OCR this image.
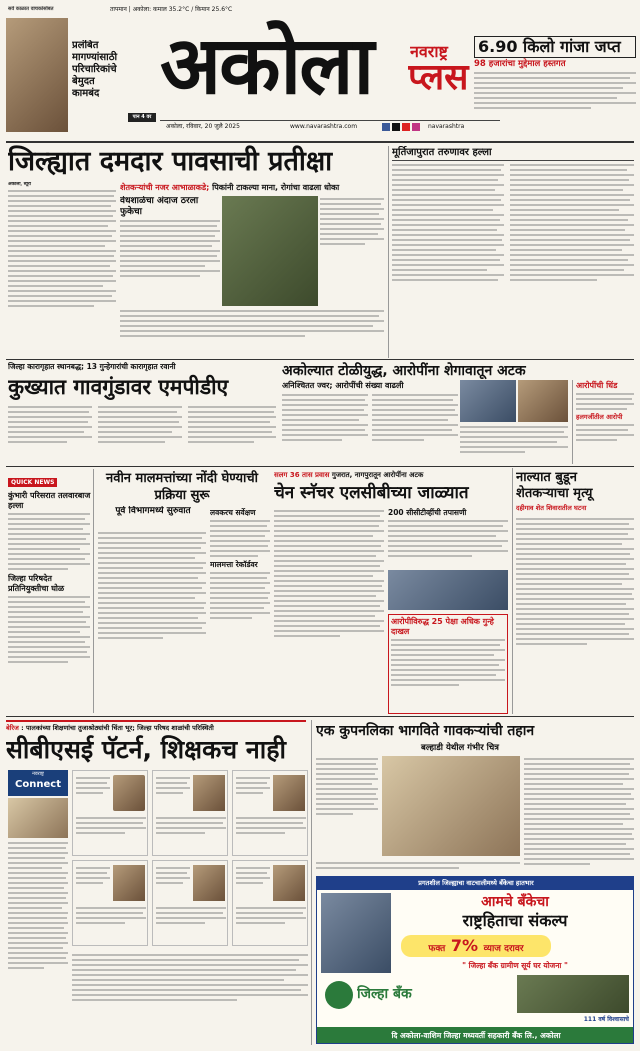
सर्व काळात वाचकांसोबत	तापमान | अकोला: कमाल 35.2°C / किमान 25.6°C
प्रलंबित
मागण्यांसाठी
परिचारिकांचे
बेमुदत
कामबंद
पान 4 वर
अकोला	नवराष्ट्र
प्लस
अकोला, रविवार, 20 जुलै 2025	www.navarashtra.com
	navarashtra
6.90 किलो गांजा जप्त
98 हजारांचा मुद्देमाल हस्तगत
जिल्ह्यात दमदार पावसाची प्रतीक्षा
शेतकऱ्यांची नजर आभाळाकडे; पिकांनी टाकल्या माना, रोगांचा वाढला धोका
अकोला, ब्यूरो
वेधशाळेचा अंदाज ठरला फुकेचा
मूर्तिजापुरात तरुणावर हल्ला
जिल्हा कारागृहात स्थानबद्ध; 13 गुन्हेगारांची कारागृहात रवानी
कुख्यात गावगुंडावर एमपीडीए
अकोल्यात टोळीयुद्ध, आरोपींना शेगावातून अटक
अनिश्चितत ज्वर; आरोपींची संख्या वाढली	आरोपींची धिंड
हलगर्जीतील आरोपी
QUICK NEWS
कुंभारी परिसरात तलवारबाज हल्ला
जिल्हा परिषदेत प्रतिनियुक्तीचा घोळ
नवीन मालमत्तांच्या नोंदी घेण्याची प्रक्रिया सुरू
पूर्व विभागमध्ये सुरुवात	लवकरच सर्वेक्षण
मालमत्ता रेकॉर्डवर
सलग 36 तास प्रवास गुजरात, नागपुरातून आरोपींना अटक
चेन स्नॅचर एलसीबीच्या जाळ्यात
200 सीसीटीव्हींची तपासणी
आरोपीविरुद्ध 25 पेक्षा अधिक गुन्हे दाखल
नाल्यात बुडून शेतकऱ्याचा मृत्यू
दहीगाव शेत शिवारातील घटना
बेरिज : पालकांच्या शिक्षणांचा तुजाश्रोठ्यांची चिंता भूर; जिल्हा परिषद शाळांची परिस्थिती
सीबीएसई पॅटर्न, शिक्षकच नाही
नवराष्ट्र
Connect
एक कुपनलिका भागविते गावकऱ्यांची तहान
बल्हाडी येथील गंभीर चित्र
प्रगतशील जिल्ह्याचा वाटचालीमध्ये बँकेचा हातभार
आमचे बँकेचा
राष्ट्रहिताचा संकल्प
फक्त 7% व्याज दरावर
" जिल्हा बँक ग्रामीण सूर्य घर योजना "
जिल्हा बँक
111 वर्ष विश्वासाचे
दि अकोला-वाशिम जिल्हा मध्यवर्ती सहकारी बँक लि., अकोला
